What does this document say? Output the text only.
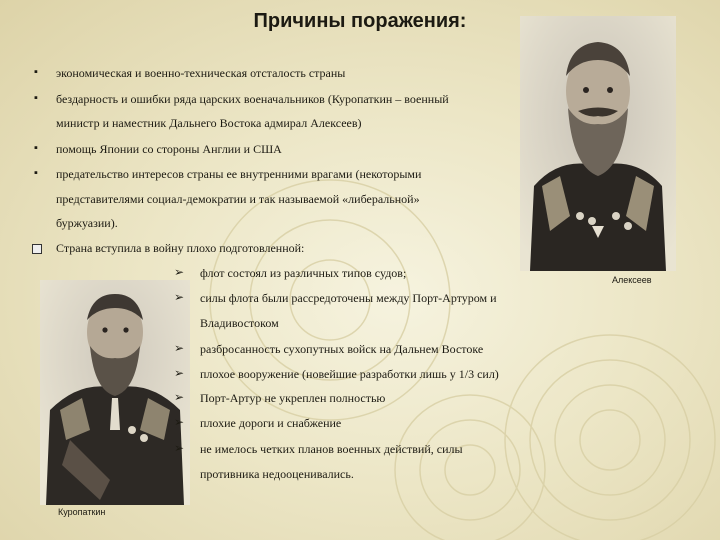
Причины поражения:
Алексеев
Куропаткин
▪ экономическая и военно-техническая отсталость страны
▪ бездарность и ошибки ряда царских военачальников (Куропаткин – военный
министр и наместник Дальнего Востока адмирал Алексеев)
▪ помощь Японии со стороны Англии и США
▪ предательство интересов страны ее внутренними врагами (некоторыми
представителями социал-демократии и так называемой «либеральной»
буржуазии).
Страна вступила в войну плохо подготовленной:
➢ флот состоял из различных типов судов;
➢ силы флота были рассредоточены между Порт-Артуром и
Владивостоком
➢ разбросанность сухопутных войск на Дальнем Востоке
➢ плохое вооружение (новейшие разработки лишь у 1/3 сил)
➢ Порт-Артур не укреплен полностью
➢ плохие дороги и снабжение
➢ не имелось четких планов военных действий, силы
противника недооценивались.
